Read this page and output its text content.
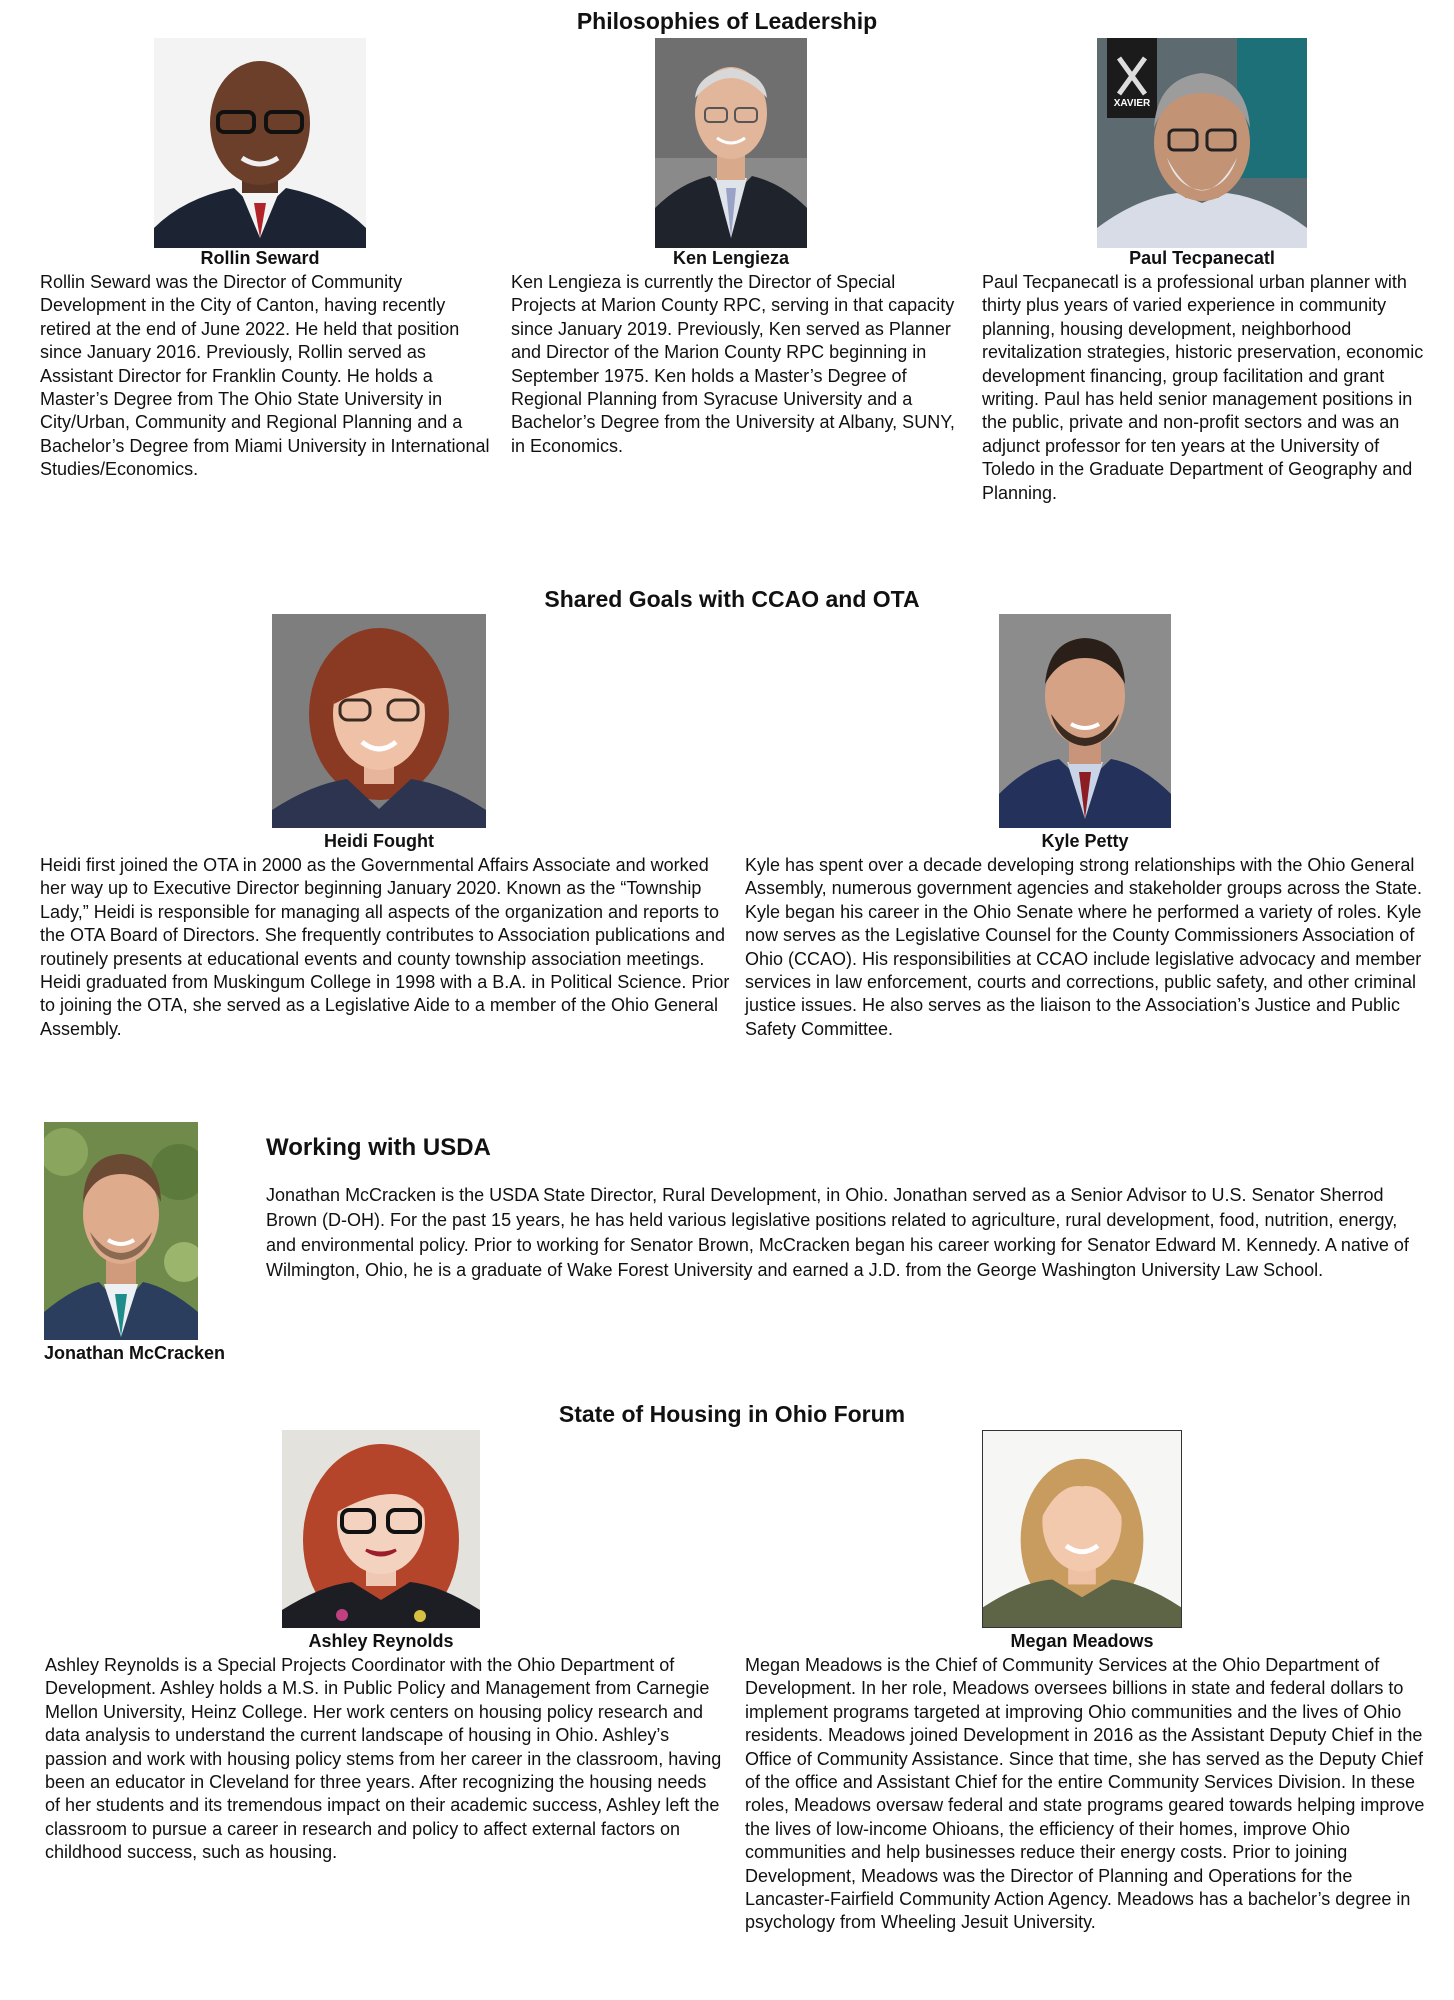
Philosophies of Leadership
Rollin Seward

Rollin Seward was the Director of Community Development in the City of Canton, having recently retired at the end of June 2022. He held that position since January 2016. Previously, Rollin served as Assistant Director for Franklin County. He holds a Master’s Degree from The Ohio State University in City/Urban, Community and Regional Planning and a Bachelor’s Degree from Miami University in International Studies/Economics.

Ken Lengieza

Ken Lengieza is currently the Director of Special Projects at Marion County RPC, serving in that capacity since January 2019. Previously, Ken served as Planner and Director of the Marion County RPC beginning in September 1975. Ken holds a Master’s Degree of Regional Planning from Syracuse University and a Bachelor’s Degree from the University at Albany, SUNY, in Economics.

XAVIER
Paul Tecpanecatl

Paul Tecpanecatl is a professional urban planner with thirty plus years of varied experience in community planning, housing development, neighborhood revitalization strategies, historic preservation, economic development financing, group facilitation and grant writing. Paul has held senior management positions in the public, private and non-profit sectors and was an adjunct professor for ten years at the University of Toledo in the Graduate Department of Geography and Planning.

Shared Goals with CCAO and OTA
Heidi Fought

Heidi first joined the OTA in 2000 as the Governmental Affairs Associate and worked her way up to Executive Director beginning January 2020. Known as the “Township Lady,” Heidi is responsible for managing all aspects of the organization and reports to the OTA Board of Directors. She frequently contributes to Association publications and routinely presents at educational events and county township association meetings. Heidi graduated from Muskingum College in 1998 with a B.A. in Political Science. Prior to joining the OTA, she served as a Legislative Aide to a member of the Ohio General Assembly.

Kyle Petty

Kyle has spent over a decade developing strong relationships with the Ohio General Assembly, numerous government agencies and stakeholder groups across the State. Kyle began his career in the Ohio Senate where he performed a variety of roles. Kyle now serves as the Legislative Counsel for the County Commissioners Association of Ohio (CCAO). His responsibilities at CCAO include legislative advocacy and member services in law enforcement, courts and corrections, public safety, and other criminal justice issues. He also serves as the liaison to the Association’s Justice and Public Safety Committee.

Jonathan McCracken
Working with USDA

Jonathan McCracken is the USDA State Director, Rural Development, in Ohio. Jonathan served as a Senior Advisor to U.S. Senator Sherrod Brown (D-OH). For the past 15 years, he has held various legislative positions related to agriculture, rural development, food, nutrition, energy, and environmental policy. Prior to working for Senator Brown, McCracken began his career working for Senator Edward M. Kennedy. A native of Wilmington, Ohio, he is a graduate of Wake Forest University and earned a J.D. from the George Washington University Law School.

State of Housing in Ohio Forum
Ashley Reynolds

Ashley Reynolds is a Special Projects Coordinator with the Ohio Department of Development. Ashley holds a M.S. in Public Policy and Management from Carnegie Mellon University, Heinz College. Her work centers on housing policy research and data analysis to understand the current landscape of housing in Ohio. Ashley’s passion and work with housing policy stems from her career in the classroom, having been an educator in Cleveland for three years. After recognizing the housing needs of her students and its tremendous impact on their academic success, Ashley left the classroom to pursue a career in research and policy to affect external factors on childhood success, such as housing.

Megan Meadows

Megan Meadows is the Chief of Community Services at the Ohio Department of Development. In her role, Meadows oversees billions in state and federal dollars to implement programs targeted at improving Ohio communities and the lives of Ohio residents. Meadows joined Development in 2016 as the Assistant Deputy Chief in the Office of Community Assistance. Since that time, she has served as the Deputy Chief of the office and Assistant Chief for the entire Community Services Division. In these roles, Meadows oversaw federal and state programs geared towards helping improve the lives of low-income Ohioans, the efficiency of their homes, improve Ohio communities and help businesses reduce their energy costs. Prior to joining Development, Meadows was the Director of Planning and Operations for the Lancaster-Fairfield Community Action Agency. Meadows has a bachelor’s degree in psychology from Wheeling Jesuit University.
